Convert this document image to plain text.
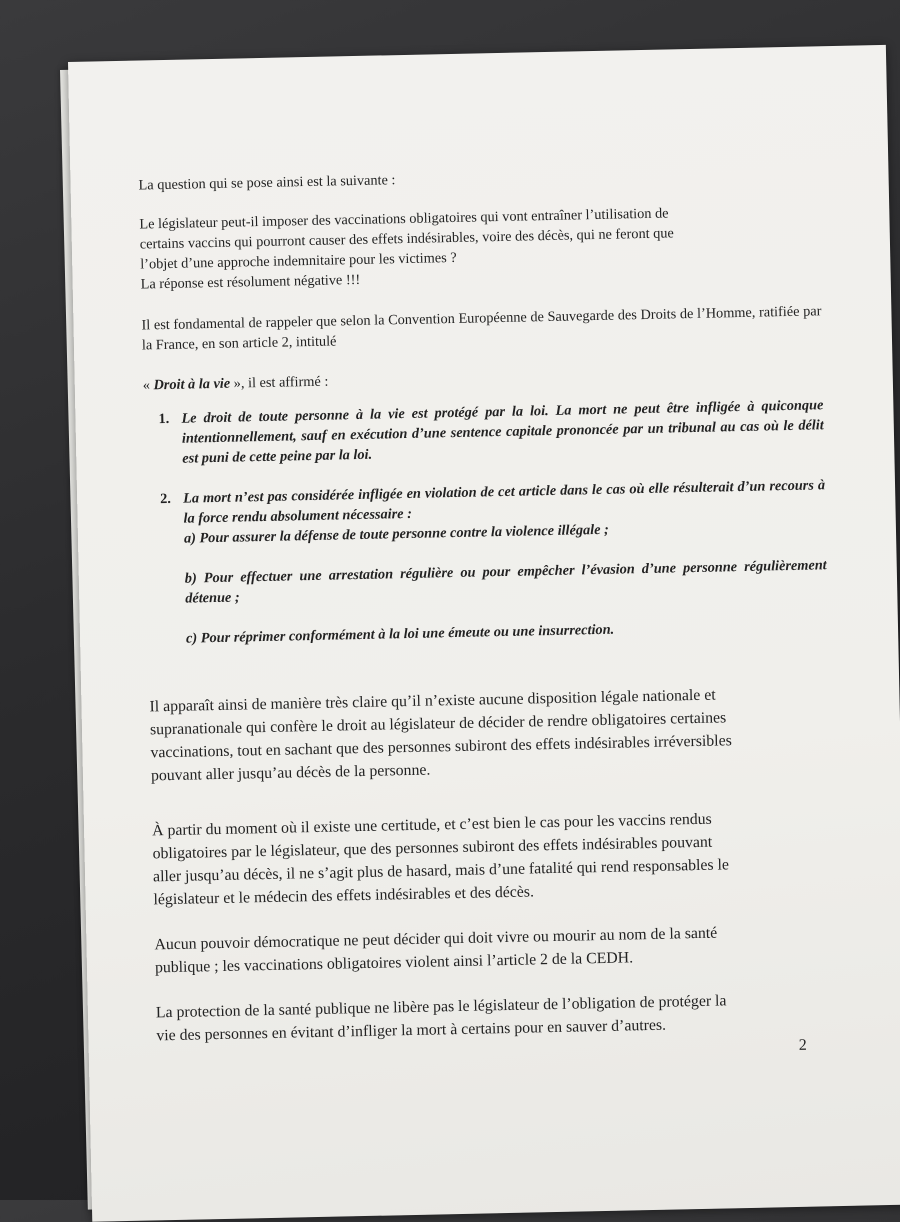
La question qui se pose ainsi est la suivante :

Le législateur peut-il imposer des vaccinations obligatoires qui vont entraîner l’utilisation de

certains vaccins qui pourront causer des effets indésirables, voire des décès, qui ne feront que

l’objet d’une approche indemnitaire pour les victimes ?

La réponse est résolument négative !!!

Il est fondamental de rappeler que selon la Convention Européenne de Sauvegarde des Droits de l’Homme, ratifiée par la France, en son article 2, intitulé

« Droit à la vie », il est affirmé :

1. Le droit de toute personne à la vie est protégé par la loi. La mort ne peut être infligée à quiconque intentionnellement, sauf en exécution d’une sentence capitale prononcée par un tribunal au cas où le délit est puni de cette peine par la loi.
2. La mort n’est pas considérée infligée en violation de cet article dans le cas où elle résulterait d’un recours à la force rendu absolument nécessaire :

a) Pour assurer la défense de toute personne contre la violence illégale ;

b) Pour effectuer une arrestation régulière ou pour empêcher l’évasion d’une personne régulièrement détenue ;

c) Pour réprimer conformément à la loi une émeute ou une insurrection.

Il apparaît ainsi de manière très claire qu’il n’existe aucune disposition légale nationale et

supranationale qui confère le droit au législateur de décider de rendre obligatoires certaines

vaccinations, tout en sachant que des personnes subiront des effets indésirables irréversibles

pouvant aller jusqu’au décès de la personne.

À partir du moment où il existe une certitude, et c’est bien le cas pour les vaccins rendus

obligatoires par le législateur, que des personnes subiront des effets indésirables pouvant

aller jusqu’au décès, il ne s’agit plus de hasard, mais d’une fatalité qui rend responsables le

législateur et le médecin des effets indésirables et des décès.

Aucun pouvoir démocratique ne peut décider qui doit vivre ou mourir au nom de la santé

publique ; les vaccinations obligatoires violent ainsi l’article 2 de la CEDH.

La protection de la santé publique ne libère pas le législateur de l’obligation de protéger la

vie des personnes en évitant d’infliger la mort à certains pour en sauver d’autres.

2
